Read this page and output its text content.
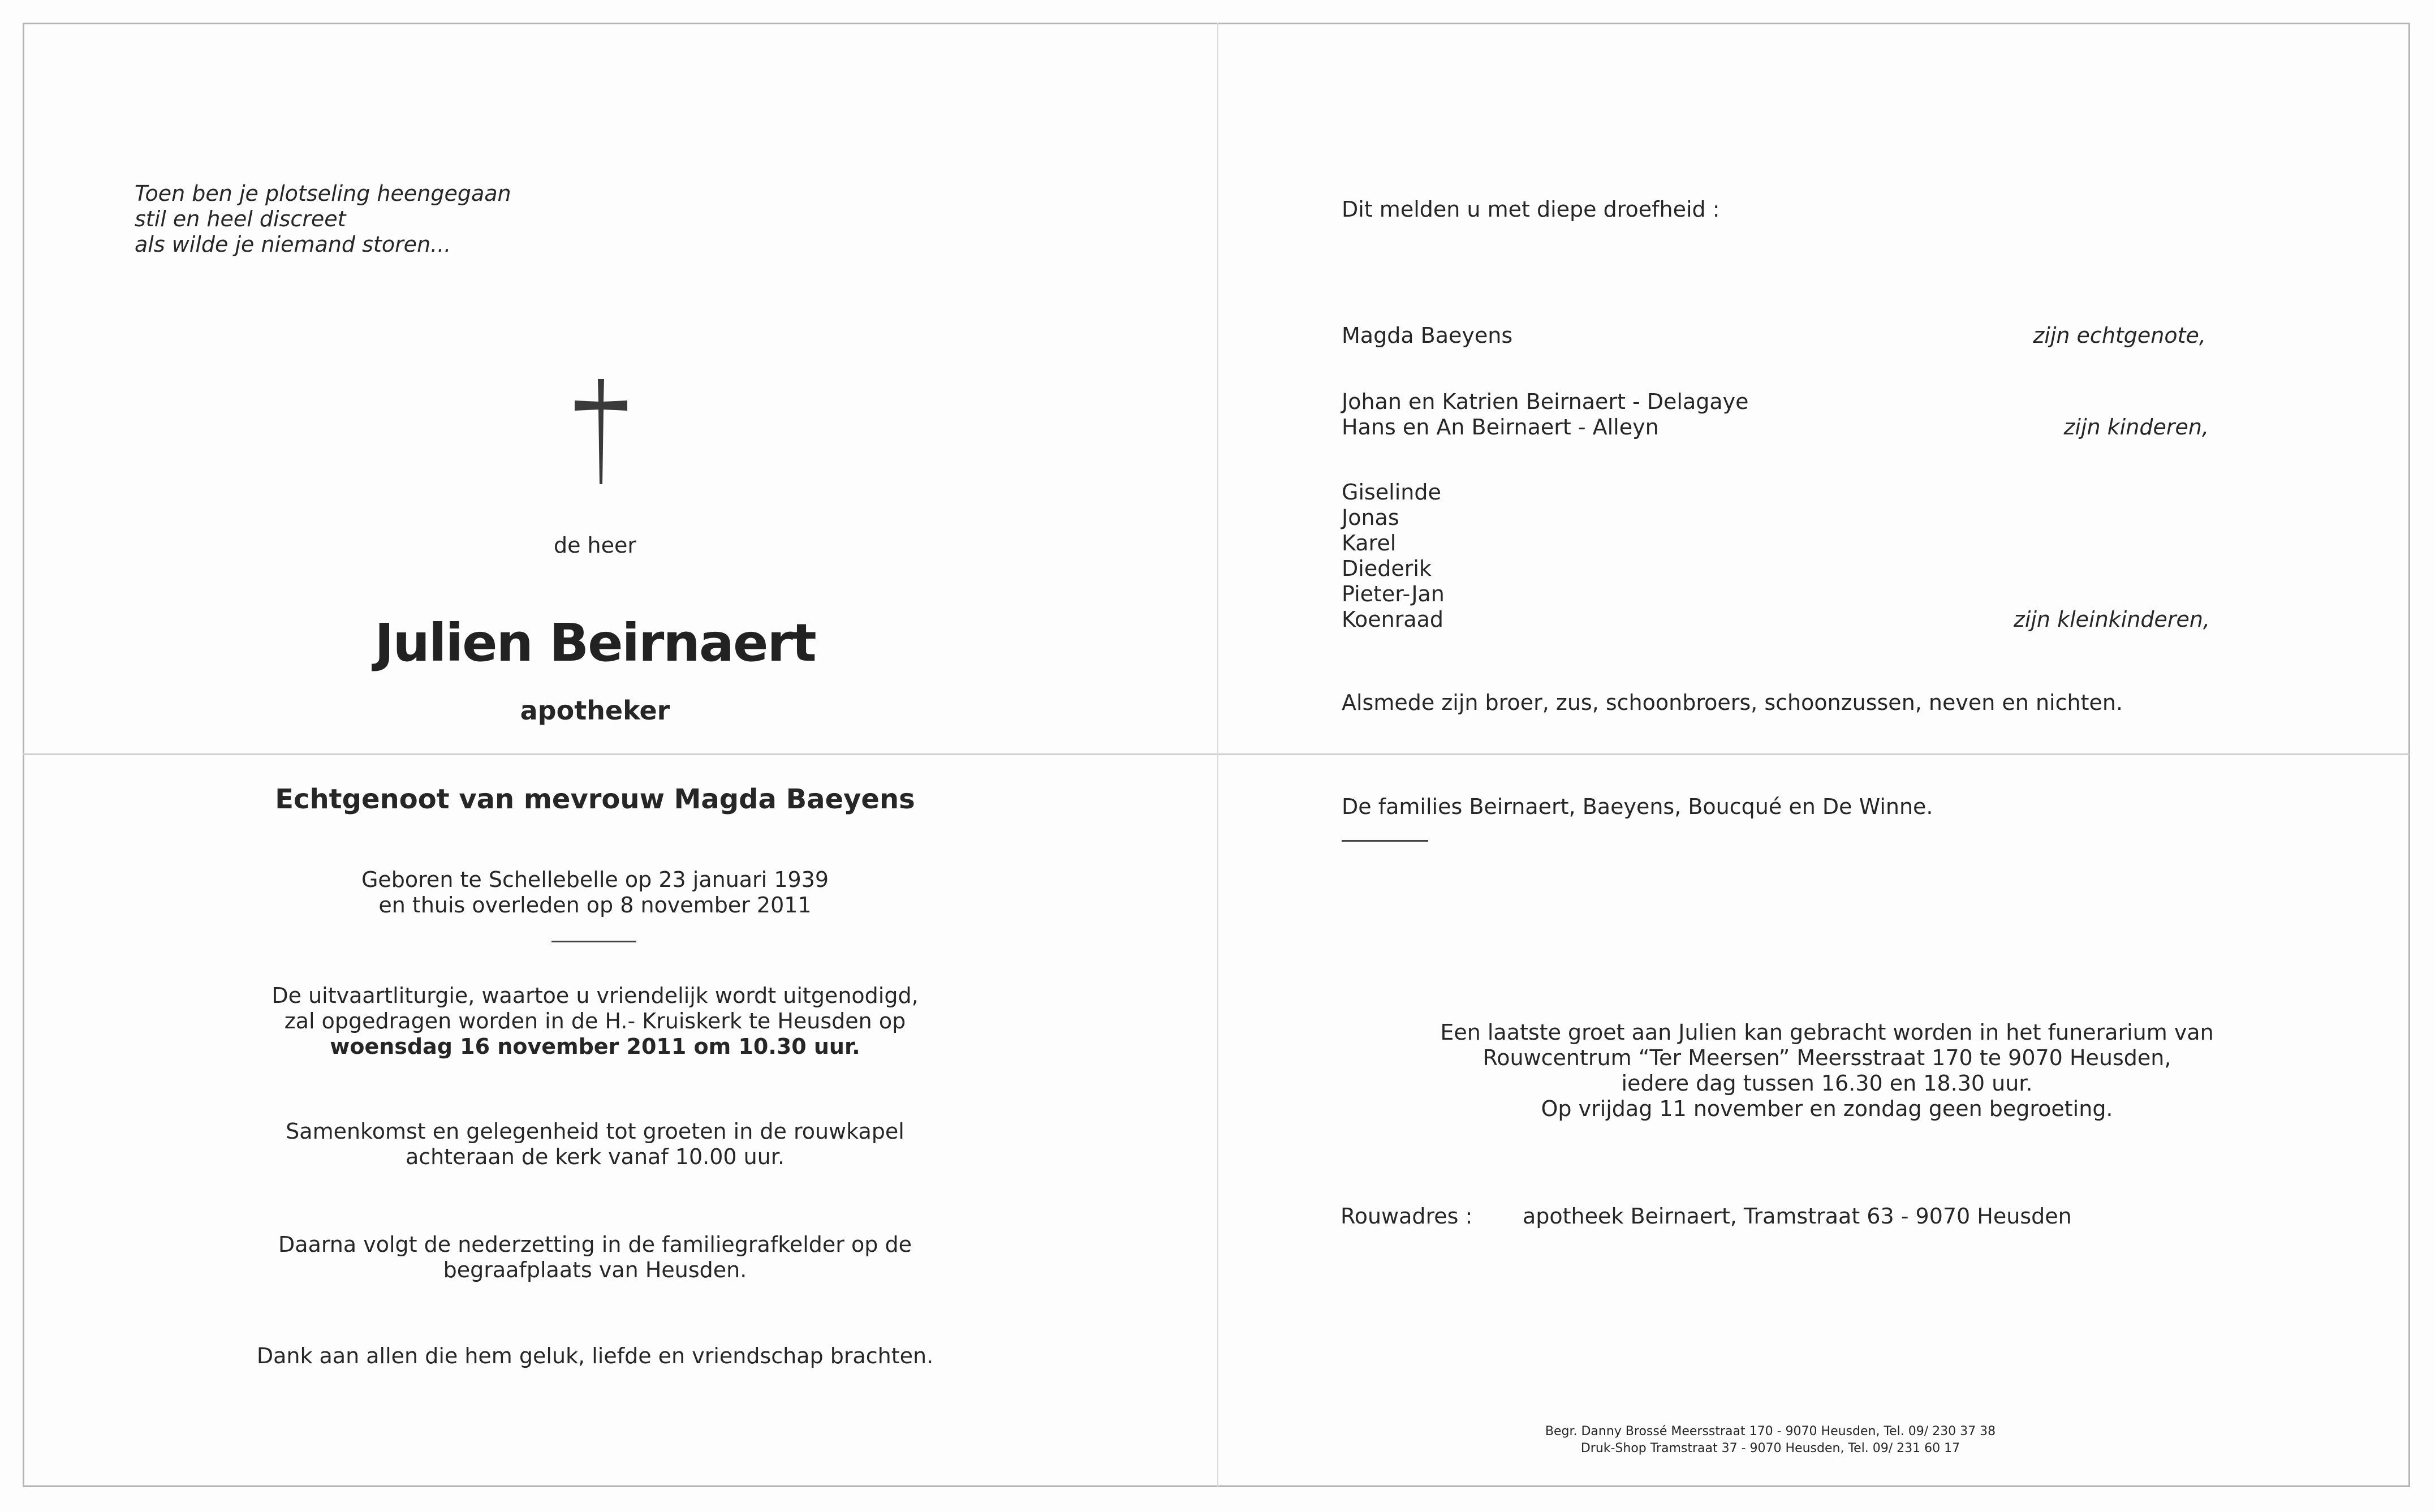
Toen ben je plotseling heengegaan
stil en heel discreet
als wilde je niemand storen...
de heer
Julien Beirnaert
apotheker
Echtgenoot van mevrouw Magda Baeyens
Geboren te Schellebelle op 23 januari 1939
en thuis overleden op 8 november 2011
De uitvaartliturgie, waartoe u vriendelijk wordt uitgenodigd,
zal opgedragen worden in de H.- Kruiskerk te Heusden op
woensdag 16 november 2011 om 10.30 uur.
Samenkomst en gelegenheid tot groeten in de rouwkapel
achteraan de kerk vanaf 10.00 uur.
Daarna volgt de nederzetting in de familiegrafkelder op de
begraafplaats van Heusden.
Dank aan allen die hem geluk, liefde en vriendschap brachten.
Dit melden u met diepe droefheid :
Magda Baeyens	zijn echtgenote,
Johan en Katrien Beirnaert - Delagaye
Hans en An Beirnaert - Alleyn	zijn kinderen,
Giselinde
Jonas
Karel
Diederik
Pieter-Jan
Koenraad	zijn kleinkinderen,
Alsmede zijn broer, zus, schoonbroers, schoonzussen, neven en nichten.
De families Beirnaert, Baeyens, Boucqué en De Winne.
Een laatste groet aan Julien kan gebracht worden in het funerarium van
Rouwcentrum “Ter Meersen” Meersstraat 170 te 9070 Heusden,
iedere dag tussen 16.30 en 18.30 uur.
Op vrijdag 11 november en zondag geen begroeting.
Rouwadres : apotheek Beirnaert, Tramstraat 63 - 9070 Heusden
Begr. Danny Brossé Meersstraat 170 - 9070 Heusden, Tel. 09/ 230 37 38
Druk-Shop Tramstraat 37 - 9070 Heusden, Tel. 09/ 231 60 17
